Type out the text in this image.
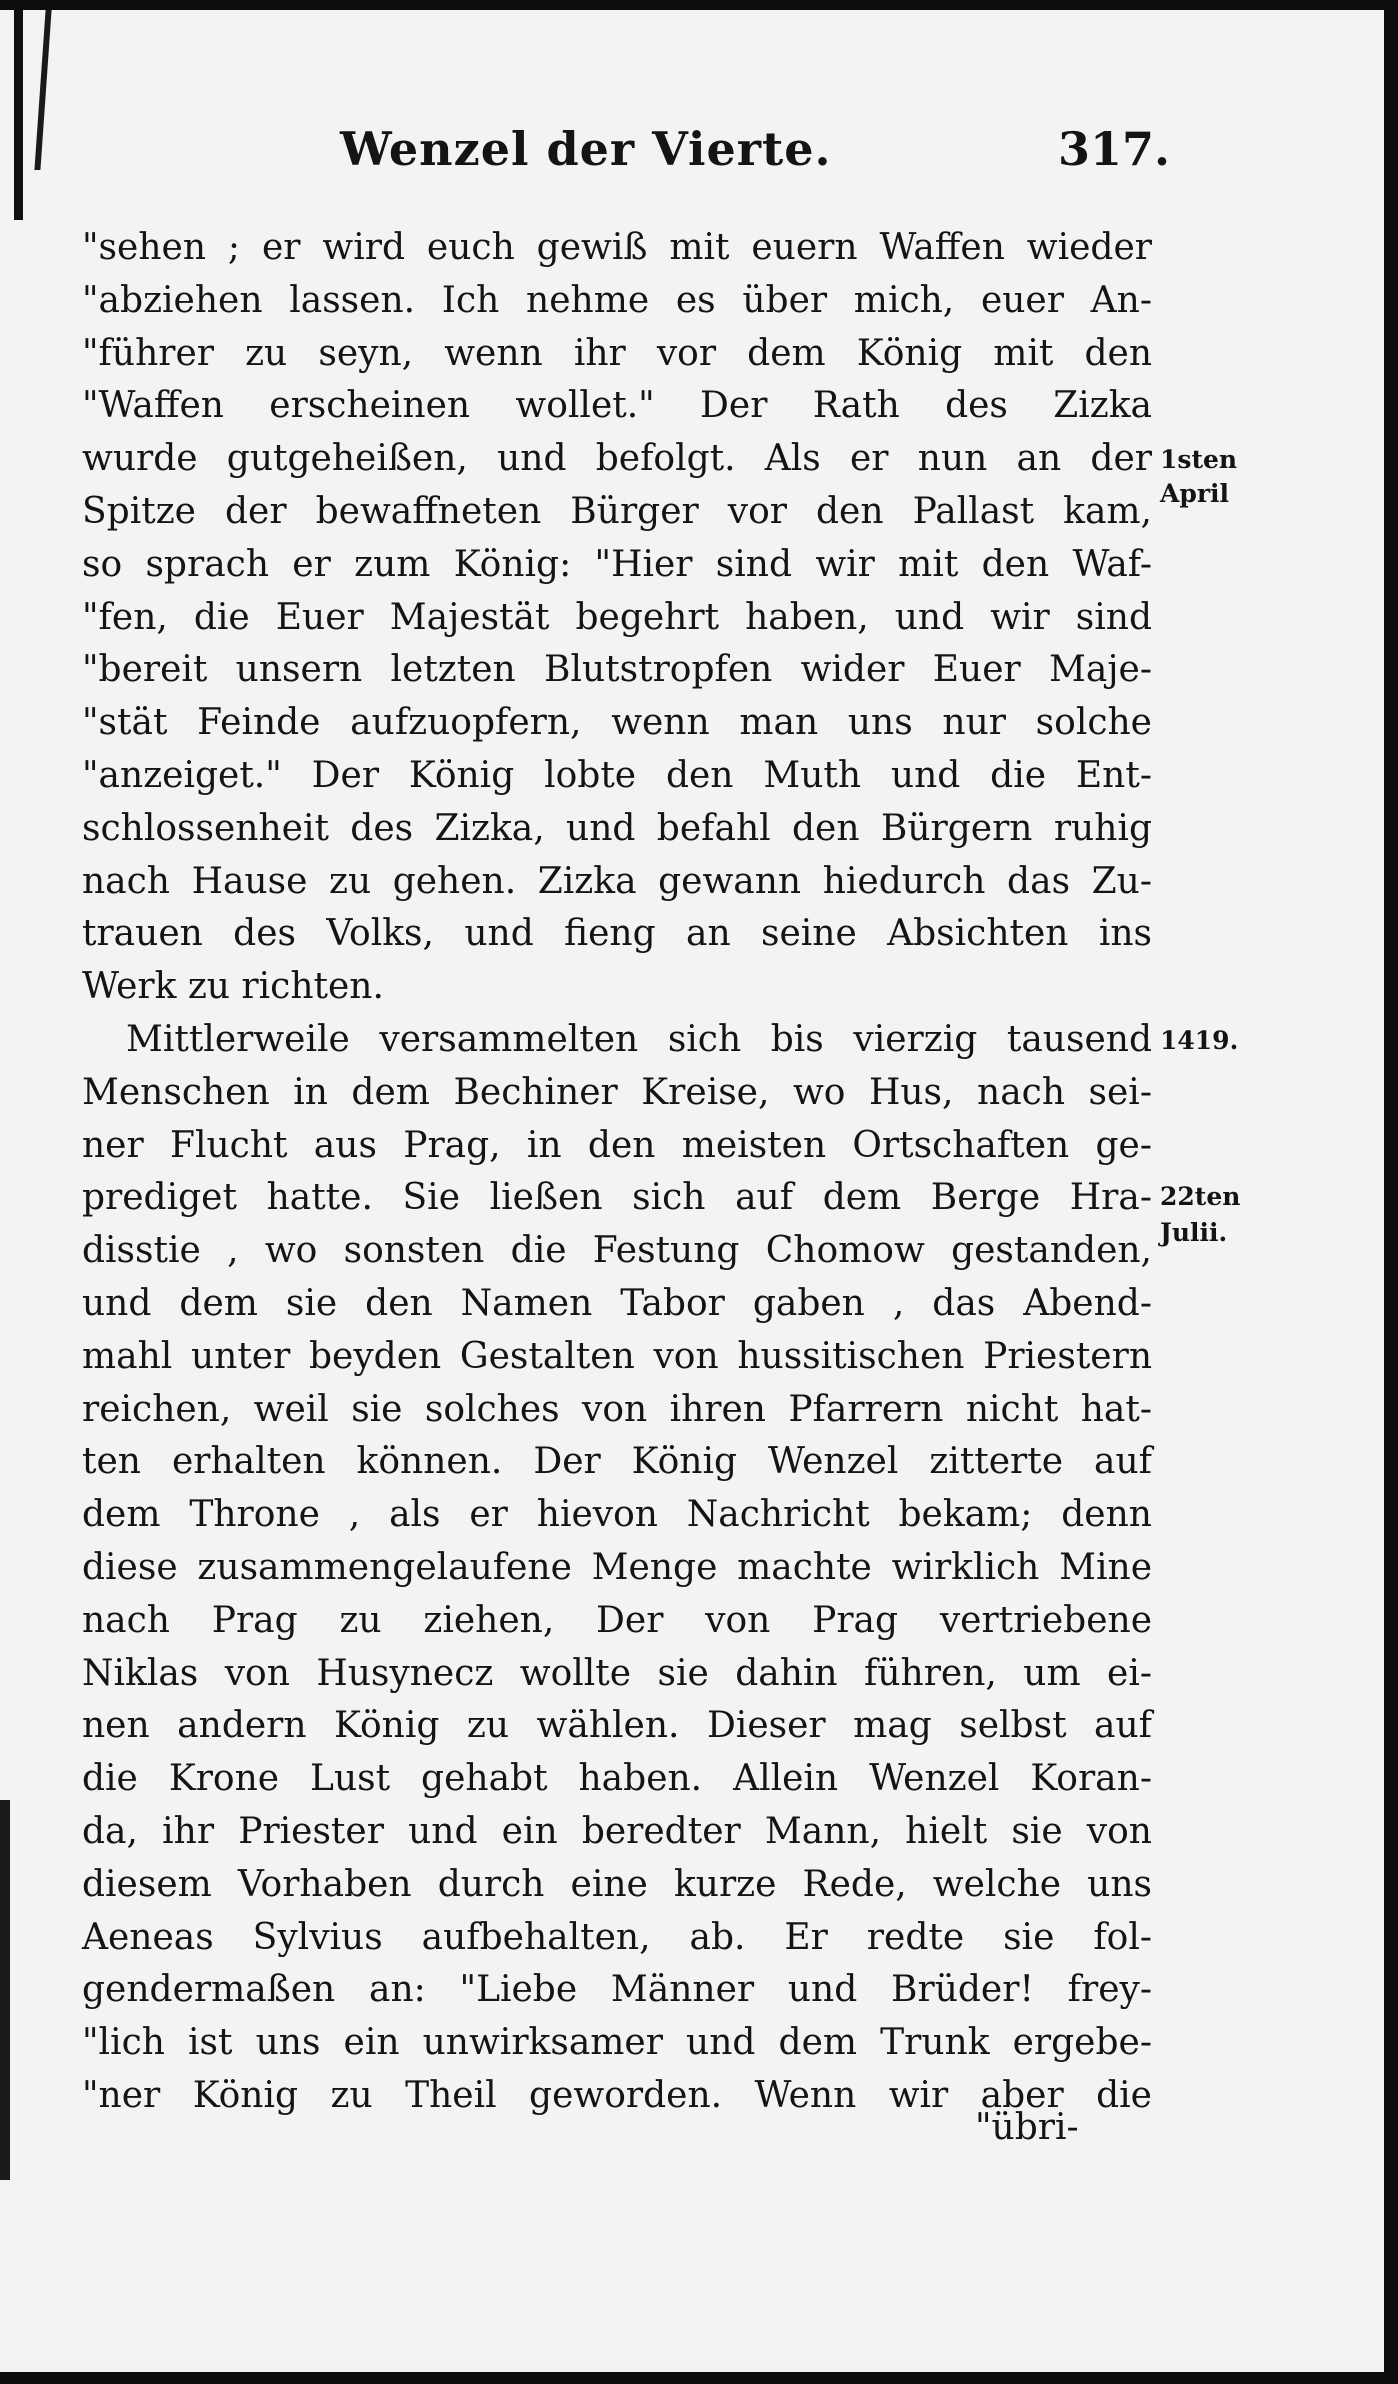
Wenzel der Vierte.	317.
"sehen ; er wird euch gewiß mit euern Waffen wieder
"abziehen lassen. Ich nehme es über mich, euer An-
"führer zu seyn, wenn ihr vor dem König mit den
"Waffen erscheinen wollet." Der Rath des Zizka
wurde gutgeheißen, und befolgt. Als er nun an der
Spitze der bewaffneten Bürger vor den Pallast kam,
so sprach er zum König: "Hier sind wir mit den Waf-
"fen, die Euer Majestät begehrt haben, und wir sind
"bereit unsern letzten Blutstropfen wider Euer Maje-
"stät Feinde aufzuopfern, wenn man uns nur solche
"anzeiget." Der König lobte den Muth und die Ent-
schlossenheit des Zizka, und befahl den Bürgern ruhig
nach Hause zu gehen. Zizka gewann hiedurch das Zu-
trauen des Volks, und fieng an seine Absichten ins
Werk zu richten.
Mittlerweile versammelten sich bis vierzig tausend
Menschen in dem Bechiner Kreise, wo Hus, nach sei-
ner Flucht aus Prag, in den meisten Ortschaften ge-
prediget hatte. Sie ließen sich auf dem Berge Hra-
disstie , wo sonsten die Festung Chomow gestanden,
und dem sie den Namen Tabor gaben , das Abend-
mahl unter beyden Gestalten von hussitischen Priestern
reichen, weil sie solches von ihren Pfarrern nicht hat-
ten erhalten können. Der König Wenzel zitterte auf
dem Throne , als er hievon Nachricht bekam; denn
diese zusammengelaufene Menge machte wirklich Mine
nach Prag zu ziehen, Der von Prag vertriebene
Niklas von Husynecz wollte sie dahin führen, um ei-
nen andern König zu wählen. Dieser mag selbst auf
die Krone Lust gehabt haben. Allein Wenzel Koran-
da, ihr Priester und ein beredter Mann, hielt sie von
diesem Vorhaben durch eine kurze Rede, welche uns
Aeneas Sylvius aufbehalten, ab. Er redte sie fol-
gendermaßen an: "Liebe Männer und Brüder! frey-
"lich ist uns ein unwirksamer und dem Trunk ergebe-
"ner König zu Theil geworden. Wenn wir aber die
1sten
April
1419.
22ten
Julii.
"übri-
